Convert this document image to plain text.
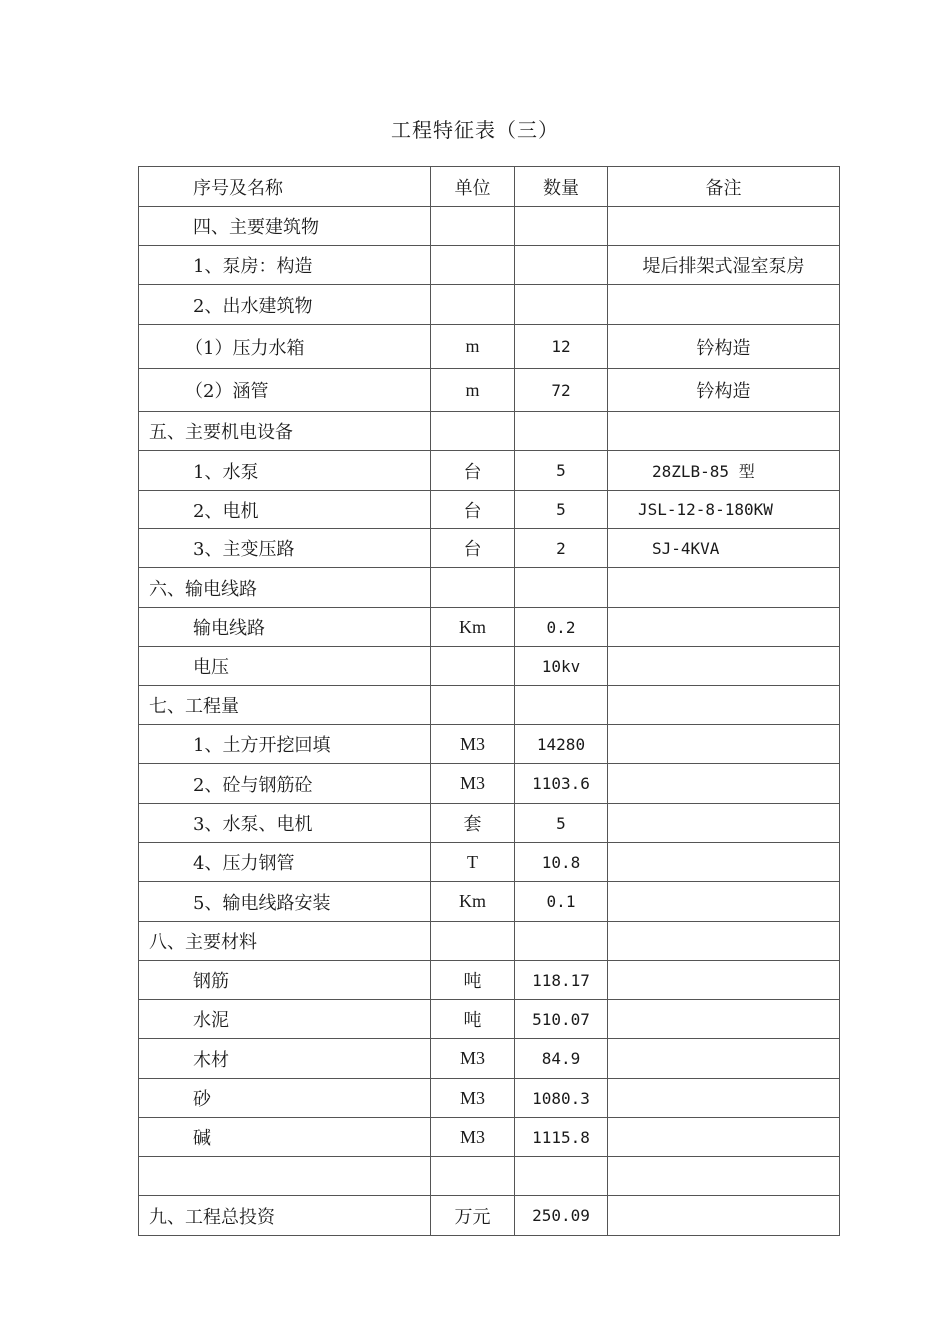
工程特征表（三）
序号及名称	单位	数量	备注
四、主要建筑物			
1、泵房：构造			堤后排架式湿室泵房
2、出水建筑物			
（1）压力水箱	m	12	钤构造
（2）涵管	m	72	钤构造
五、主要机电设备			
1、水泵	台	5	28ZLB-85 型
2、电机	台	5	JSL-12-8-180KW
3、主变压路	台	2	SJ-4KVA
六、输电线路			
输电线路	Km	0.2	
电压		10kv	
七、工程量			
1、土方开挖回填	M3	14280	
2、砼与钢筋砼	M3	1103.6	
3、水泵、电机	套	5	
4、压力钢管	T	10.8	
5、输电线路安装	Km	0.1	
八、主要材料			
钢筋	吨	118.17	
水泥	吨	510.07	
木材	M3	84.9	
砂	M3	1080.3	
碱	M3	1115.8	

九、工程总投资	万元	250.09	
